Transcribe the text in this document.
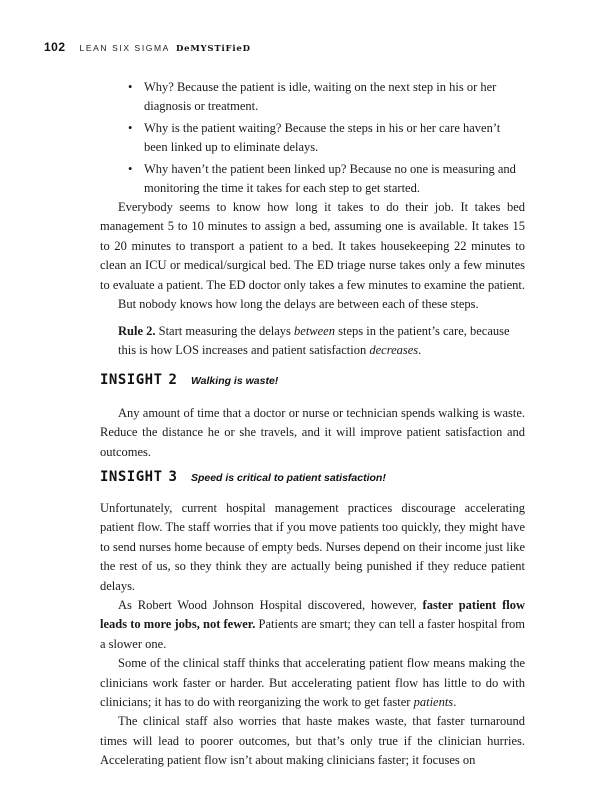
102 LEAN SIX SIGMA DeMYSTiFieD
• Why? Because the patient is idle, waiting on the next step in his or her diagnosis or treatment.
• Why is the patient waiting? Because the steps in his or her care haven’t been linked up to eliminate delays.
• Why haven’t the patient been linked up? Because no one is measuring and monitoring the time it takes for each step to get started.

Everybody seems to know how long it takes to do their job. It takes bed management 5 to 10 minutes to assign a bed, assuming one is available. It takes 15 to 20 minutes to transport a patient to a bed. It takes housekeeping 22 minutes to clean an ICU or medical/surgical bed. The ED triage nurse takes only a few minutes to evaluate a patient. The ED doctor only takes a few minutes to examine the patient.

But nobody knows how long the delays are between each of these steps.

Rule 2. Start measuring the delays between steps in the patient’s care, because this is how LOS increases and patient satisfaction decreases.

INSIGHT 2 Walking is waste!

Any amount of time that a doctor or nurse or technician spends walking is waste. Reduce the distance he or she travels, and it will improve patient satisfaction and outcomes.

INSIGHT 3 Speed is critical to patient satisfaction!

Unfortunately, current hospital management practices discourage accelerating patient flow. The staff worries that if you move patients too quickly, they might have to send nurses home because of empty beds. Nurses depend on their income just like the rest of us, so they think they are actually being punished if they reduce patient delays.

As Robert Wood Johnson Hospital discovered, however, faster patient flow leads to more jobs, not fewer. Patients are smart; they can tell a faster hospital from a slower one.

Some of the clinical staff thinks that accelerating patient flow means making the clinicians work faster or harder. But accelerating patient flow has little to do with clinicians; it has to do with reorganizing the work to get faster patients.

The clinical staff also worries that haste makes waste, that faster turnaround times will lead to poorer outcomes, but that’s only true if the clinician hurries. Accelerating patient flow isn’t about making clinicians faster; it focuses on
